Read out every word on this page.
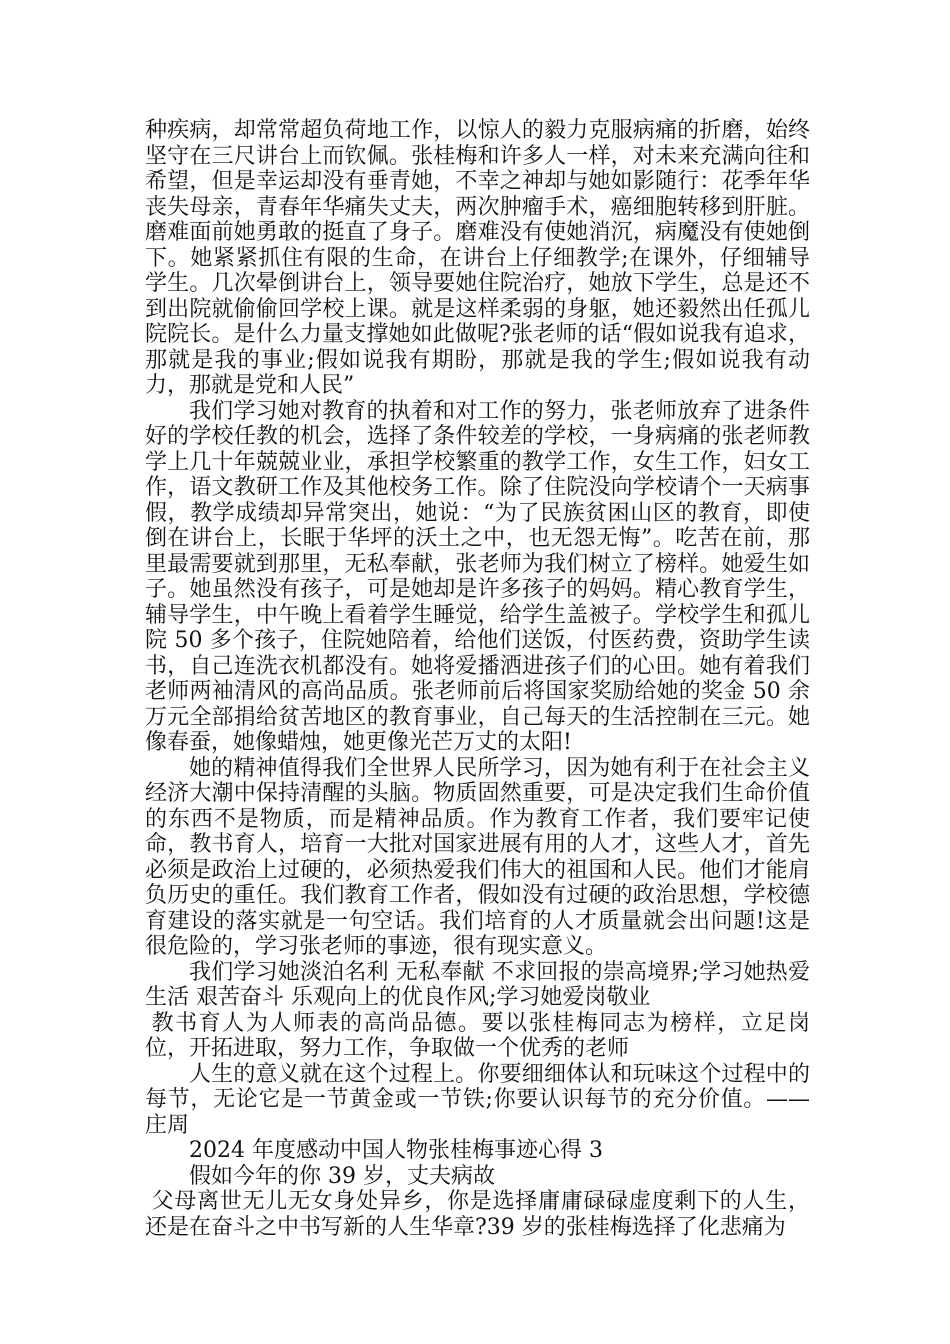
种疾病，却常常超负荷地工作，以惊人的毅力克服病痛的折磨，始终坚守在三尺讲台上而钦佩。张桂梅和许多人一样，对未来充满向往和希望，但是幸运却没有垂青她，不幸之神却与她如影随行：花季年华丧失母亲，青春年华痛失丈夫，两次肿瘤手术，癌细胞转移到肝脏。磨难面前她勇敢的挺直了身子。磨难没有使她消沉，病魔没有使她倒下。她紧紧抓住有限的生命，在讲台上仔细教学;在课外，仔细辅导学生。几次晕倒讲台上，领导要她住院治疗，她放下学生，总是还不到出院就偷偷回学校上课。就是这样柔弱的身躯，她还毅然出任孤儿院院长。是什么力量支撑她如此做呢?张老师的话“假如说我有追求，那就是我的事业;假如说我有期盼，那就是我的学生;假如说我有动力，那就是党和人民”

我们学习她对教育的执着和对工作的努力，张老师放弃了进条件好的学校任教的机会，选择了条件较差的学校，一身病痛的张老师教学上几十年兢兢业业，承担学校繁重的教学工作，女生工作，妇女工作，语文教研工作及其他校务工作。除了住院没向学校请个一天病事假，教学成绩却异常突出，她说：“为了民族贫困山区的教育，即使倒在讲台上，长眠于华坪的沃土之中，也无怨无悔”。吃苦在前，那里最需要就到那里，无私奉献，张老师为我们树立了榜样。她爱生如子。她虽然没有孩子，可是她却是许多孩子的妈妈。精心教育学生，辅导学生，中午晚上看着学生睡觉，给学生盖被子。学校学生和孤儿院 50 多个孩子，住院她陪着，给他们送饭，付医药费，资助学生读书，自己连洗衣机都没有。她将爱播洒进孩子们的心田。她有着我们老师两袖清风的高尚品质。张老师前后将国家奖励给她的奖金 50 余万元全部捐给贫苦地区的教育事业，自己每天的生活控制在三元。她像春蚕，她像蜡烛，她更像光芒万丈的太阳!

她的精神值得我们全世界人民所学习，因为她有利于在社会主义经济大潮中保持清醒的头脑。物质固然重要，可是决定我们生命价值的东西不是物质，而是精神品质。作为教育工作者，我们要牢记使命，教书育人，培育一大批对国家进展有用的人才，这些人才，首先必须是政治上过硬的，必须热爱我们伟大的祖国和人民。他们才能肩负历史的重任。我们教育工作者，假如没有过硬的政治思想，学校德育建设的落实就是一句空话。我们培育的人才质量就会出问题!这是很危险的，学习张老师的事迹，很有现实意义。

我们学习她淡泊名利 无私奉献 不求回报的崇高境界;学习她热爱生活 艰苦奋斗 乐观向上的优良作风;学习她爱岗敬业

教书育人为人师表的高尚品德。要以张桂梅同志为榜样，立足岗位，开拓进取，努力工作，争取做一个优秀的老师

人生的意义就在这个过程上。你要细细体认和玩味这个过程中的每节，无论它是一节黄金或一节铁;你要认识每节的充分价值。——庄周

2024 年度感动中国人物张桂梅事迹心得 3

假如今年的你 39 岁，丈夫病故

父母离世无儿无女身处异乡，你是选择庸庸碌碌虚度剩下的人生，还是在奋斗之中书写新的人生华章?39 岁的张桂梅选择了化悲痛为
